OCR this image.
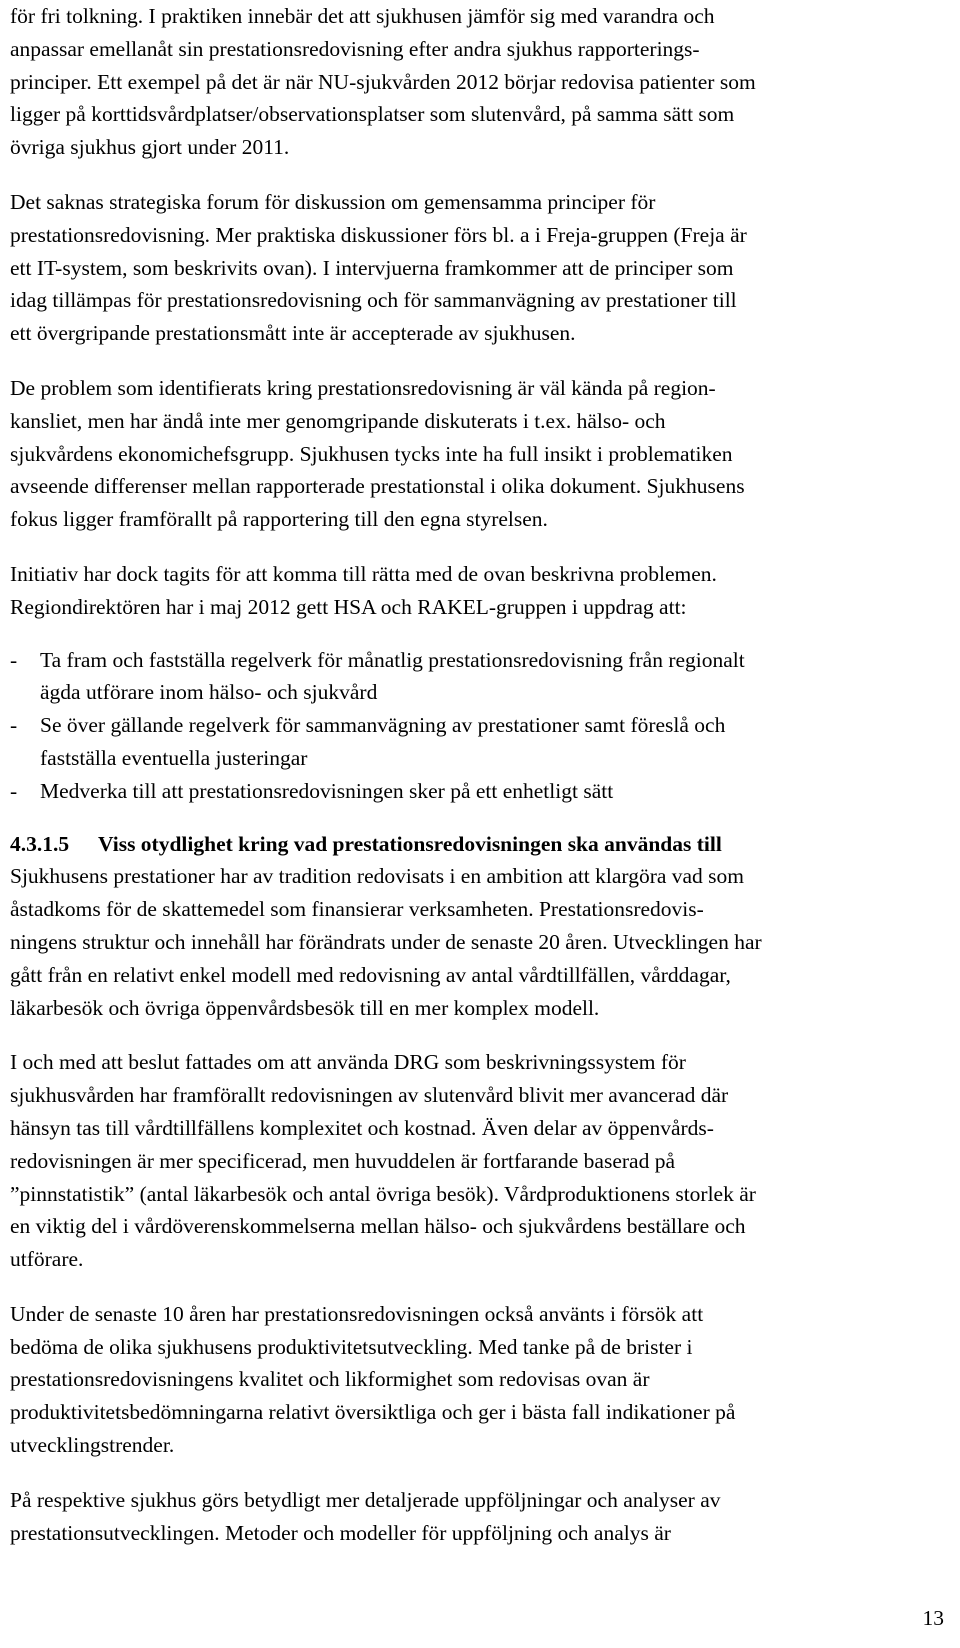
för fri tolkning. I praktiken innebär det att sjukhusen jämför sig med varandra och
anpassar emellanåt sin prestationsredovisning efter andra sjukhus rapporterings-
principer. Ett exempel på det är när NU-sjukvården 2012 börjar redovisa patienter som
ligger på korttidsvårdplatser/observationsplatser som slutenvård, på samma sätt som
övriga sjukhus gjort under 2011.
Det saknas strategiska forum för diskussion om gemensamma principer för
prestationsredovisning. Mer praktiska diskussioner förs bl. a i Freja-gruppen (Freja är
ett IT-system, som beskrivits ovan). I intervjuerna framkommer att de principer som
idag tillämpas för prestationsredovisning och för sammanvägning av prestationer till
ett övergripande prestationsmått inte är accepterade av sjukhusen.
De problem som identifierats kring prestationsredovisning är väl kända på region-
kansliet, men har ändå inte mer genomgripande diskuterats i t.ex. hälso- och
sjukvårdens ekonomichefsgrupp. Sjukhusen tycks inte ha full insikt i problematiken
avseende differenser mellan rapporterade prestationstal i olika dokument. Sjukhusens
fokus ligger framförallt på rapportering till den egna styrelsen.
Initiativ har dock tagits för att komma till rätta med de ovan beskrivna problemen.
Regiondirektören har i maj 2012 gett HSA och RAKEL-gruppen i uppdrag att:
-	Ta fram och fastställa regelverk för månatlig prestationsredovisning från regionalt
ägda utförare inom hälso- och sjukvård
-	Se över gällande regelverk för sammanvägning av prestationer samt föreslå och
fastställa eventuella justeringar
-	Medverka till att prestationsredovisningen sker på ett enhetligt sätt
4.3.1.5 Viss otydlighet kring vad prestationsredovisningen ska användas till
Sjukhusens prestationer har av tradition redovisats i en ambition att klargöra vad som
åstadkoms för de skattemedel som finansierar verksamheten. Prestationsredovis-
ningens struktur och innehåll har förändrats under de senaste 20 åren. Utvecklingen har
gått från en relativt enkel modell med redovisning av antal vårdtillfällen, vårddagar,
läkarbesök och övriga öppenvårdsbesök till en mer komplex modell.
I och med att beslut fattades om att använda DRG som beskrivningssystem för
sjukhusvården har framförallt redovisningen av slutenvård blivit mer avancerad där
hänsyn tas till vårdtillfällens komplexitet och kostnad. Även delar av öppenvårds-
redovisningen är mer specificerad, men huvuddelen är fortfarande baserad på
”pinnstatistik” (antal läkarbesök och antal övriga besök). Vårdproduktionens storlek är
en viktig del i vårdöverenskommelserna mellan hälso- och sjukvårdens beställare och
utförare.
Under de senaste 10 åren har prestationsredovisningen också använts i försök att
bedöma de olika sjukhusens produktivitetsutveckling. Med tanke på de brister i
prestationsredovisningens kvalitet och likformighet som redovisas ovan är
produktivitetsbedömningarna relativt översiktliga och ger i bästa fall indikationer på
utvecklingstrender.
På respektive sjukhus görs betydligt mer detaljerade uppföljningar och analyser av
prestationsutvecklingen. Metoder och modeller för uppföljning och analys är
13
